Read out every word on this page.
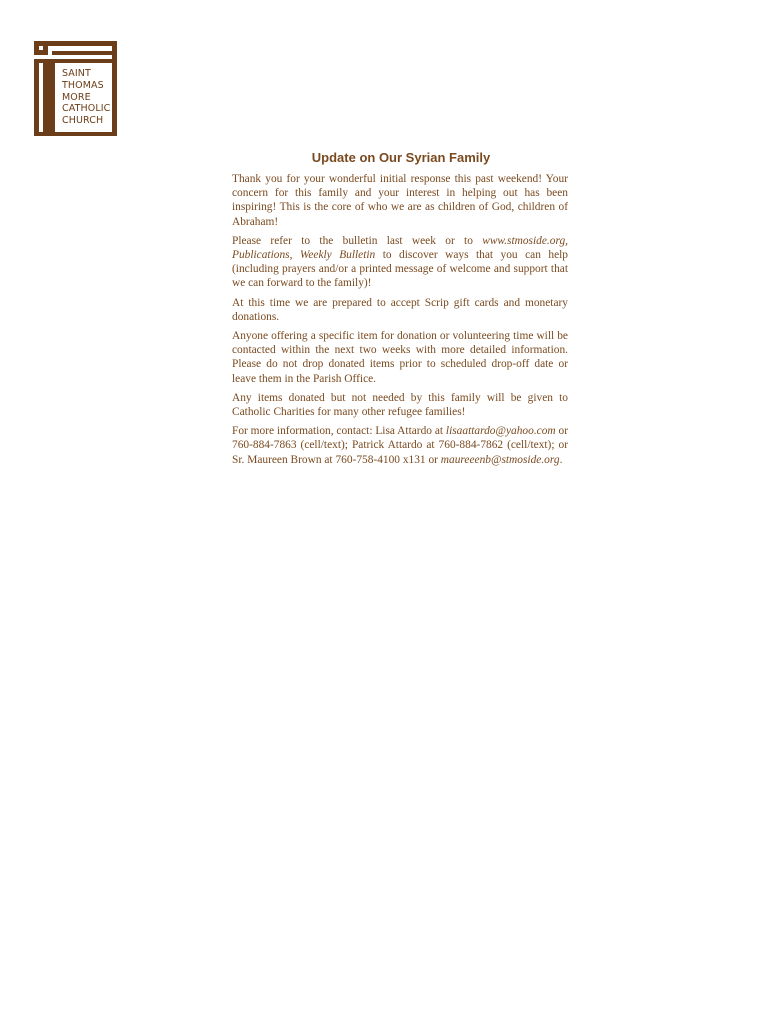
SAINT
THOMAS
MORE
CATHOLIC
CHURCH
Update on Our Syrian Family

Thank you for your wonderful initial response this past weekend! Your concern for this family and your interest in helping out has been inspiring! This is the core of who we are as children of God, children of Abraham!

Please refer to the bulletin last week or to www.stmoside.org, Publications, Weekly Bulletin to discover ways that you can help (including prayers and/or a printed message of welcome and support that we can forward to the family)!

At this time we are prepared to accept Scrip gift cards and monetary donations.

Anyone offering a specific item for donation or volunteering time will be contacted within the next two weeks with more detailed information. Please do not drop donated items prior to scheduled drop-off date or leave them in the Parish Office.

Any items donated but not needed by this family will be given to Catholic Charities for many other refugee families!

For more information, contact: Lisa Attardo at lisaattardo@yahoo.com or 760-884-7863 (cell/text); Patrick Attardo at 760-884-7862 (cell/text); or Sr. Maureen Brown at 760-758-4100 x131 or maureeenb@stmoside.org.
